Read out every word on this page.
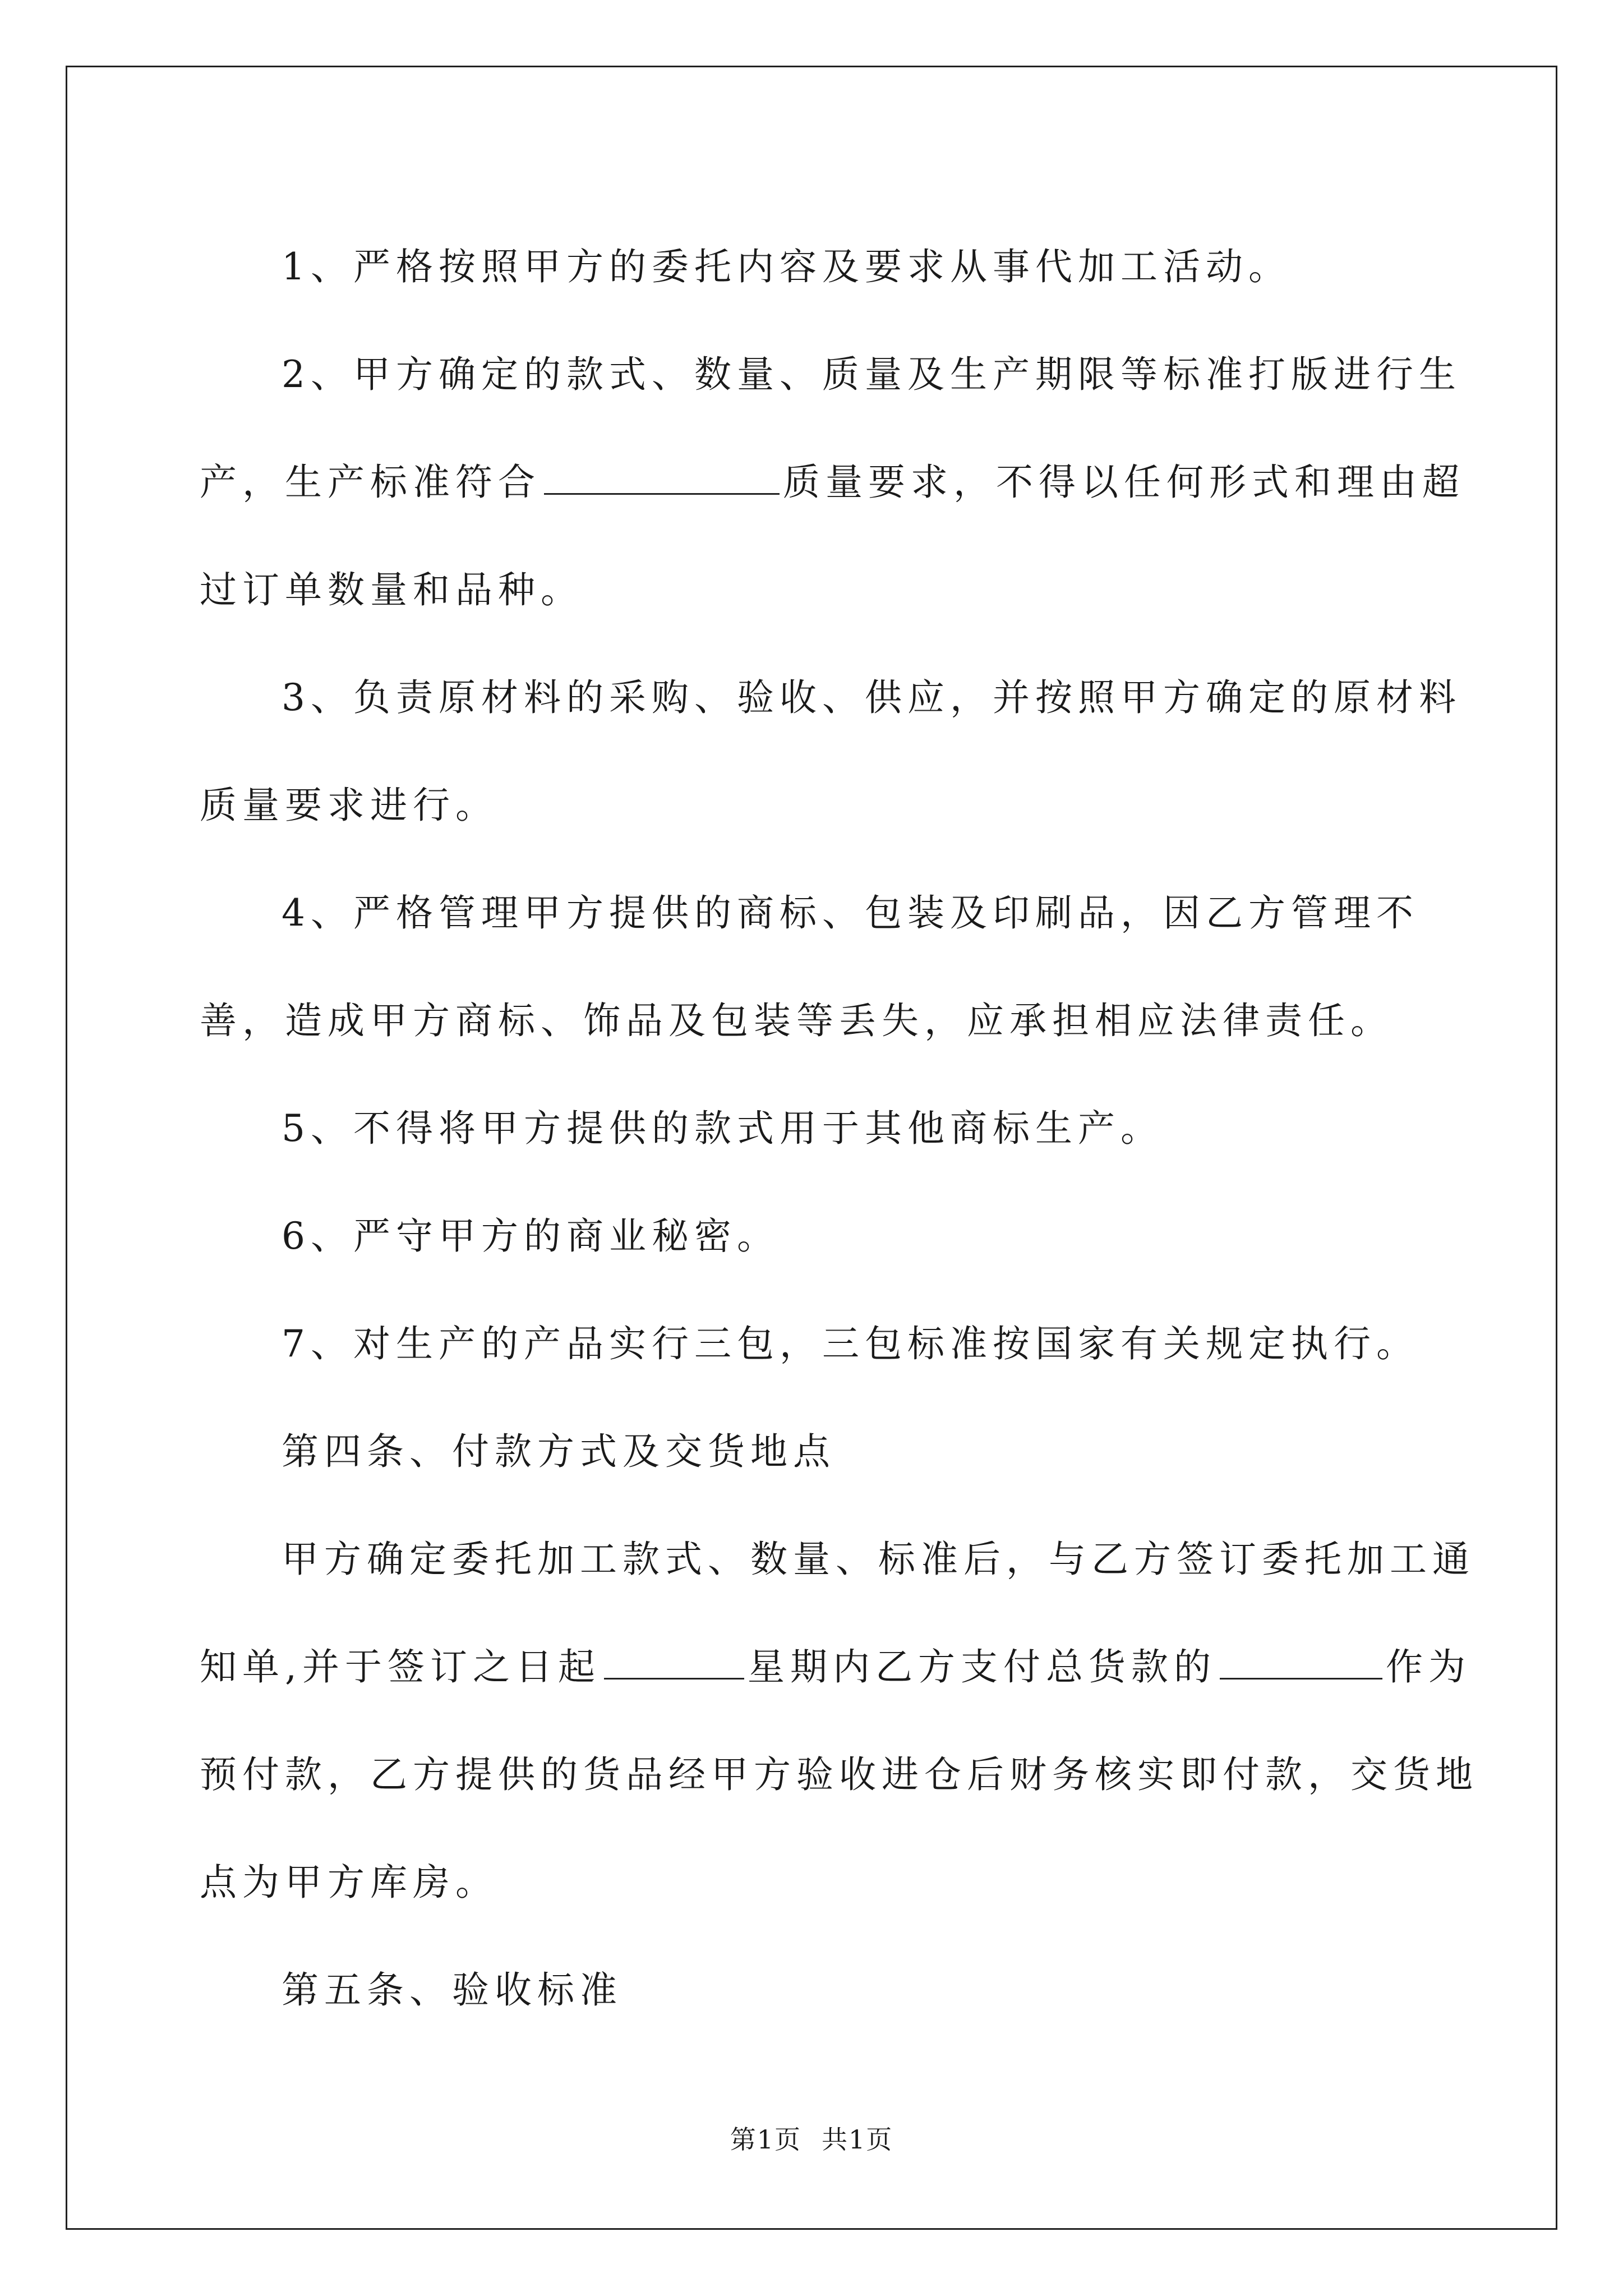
1、严格按照甲方的委托内容及要求从事代加工活动。

2、甲方确定的款式、数量、质量及生产期限等标准打版进行生产，生产标准符合	质量要求，不得以任何形式和理由超过订单数量和品种。

3、负责原材料的采购、验收、供应，并按照甲方确定的原材料质量要求进行。

4、严格管理甲方提供的商标、包装及印刷品，因乙方管理不善，造成甲方商标、饰品及包装等丢失，应承担相应法律责任。

5、不得将甲方提供的款式用于其他商标生产。

6、严守甲方的商业秘密。

7、对生产的产品实行三包，三包标准按国家有关规定执行。

第四条、付款方式及交货地点

甲方确定委托加工款式、数量、标准后，与乙方签订委托加工通知单,并于签订之日起	星期内乙方支付总货款的	作为预付款，乙方提供的货品经甲方验收进仓后财务核实即付款，交货地点为甲方库房。

第五条、验收标准

第1页 共1页
